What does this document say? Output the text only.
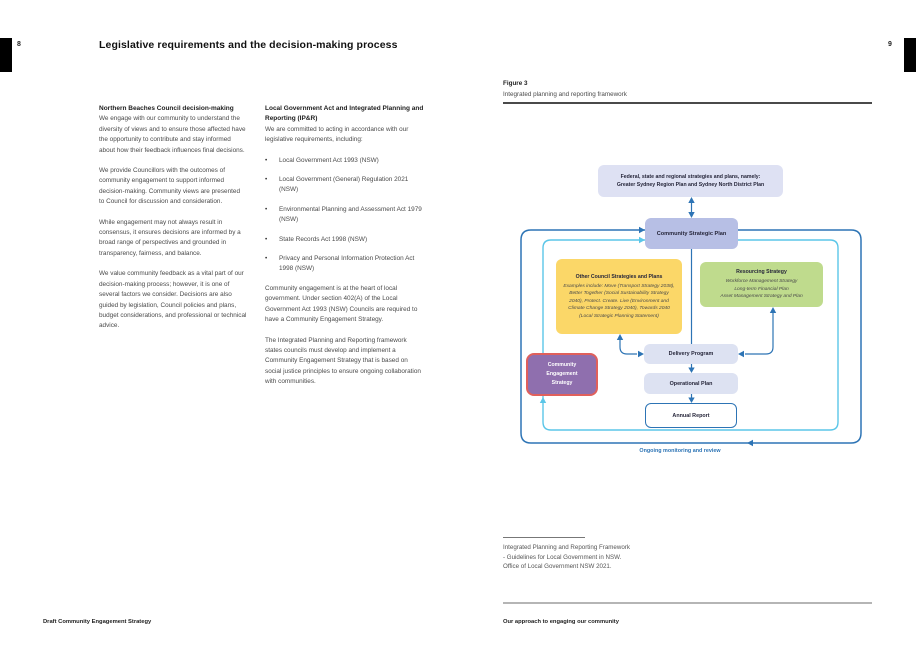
8	9
Legislative requirements and the decision-making process
Northern Beaches Council decision-making

We engage with our community to understand the diversity of views and to ensure those affected have the opportunity to contribute and stay informed about how their feedback influences final decisions.

We provide Councillors with the outcomes of community engagement to support informed decision-making. Community views are presented to Council for discussion and consideration.

While engagement may not always result in consensus, it ensures decisions are informed by a broad range of perspectives and grounded in transparency, fairness, and balance.

We value community feedback as a vital part of our decision-making process; however, it is one of several factors we consider. Decisions are also guided by legislation, Council policies and plans, budget considerations, and professional or technical advice.

Local Government Act and Integrated Planning and Reporting (IP&R)

We are committed to acting in accordance with our legislative requirements, including:

•	Local Government Act 1993 (NSW)
•	Local Government (General) Regulation 2021 (NSW)
•	Environmental Planning and Assessment Act 1979 (NSW)
•	State Records Act 1998 (NSW)
•	Privacy and Personal Information Protection Act 1998 (NSW)

Community engagement is at the heart of local government. Under section 402(A) of the Local Government Act 1993 (NSW) Councils are required to have a Community Engagement Strategy.

The Integrated Planning and Reporting framework states councils must develop and implement a Community Engagement Strategy that is based on social justice principles to ensure ongoing collaboration with communities.

Figure 3
Integrated planning and reporting framework
Federal, state and regional strategies and plans, namely:
Greater Sydney Region Plan and Sydney North District Plan
Community Strategic Plan
Other Council Strategies and Plans
Examples include: Move (Transport Strategy 2038), Better Together (Social Sustainability Strategy 2040), Protect. Create. Live (Environment and Climate Change Strategy 2040), Towards 2040 (Local Strategic Planning Statement)
Resourcing Strategy
Workforce Management Strategy
Long-term Financial Plan
Asset Management Strategy and Plan
Community Engagement Strategy
Delivery Program
Operational Plan
Annual Report
Ongoing monitoring and review
Integrated Planning and Reporting Framework
- Guidelines for Local Government in NSW.
Office of Local Government NSW 2021.
Draft Community Engagement Strategy	Our approach to engaging our community
